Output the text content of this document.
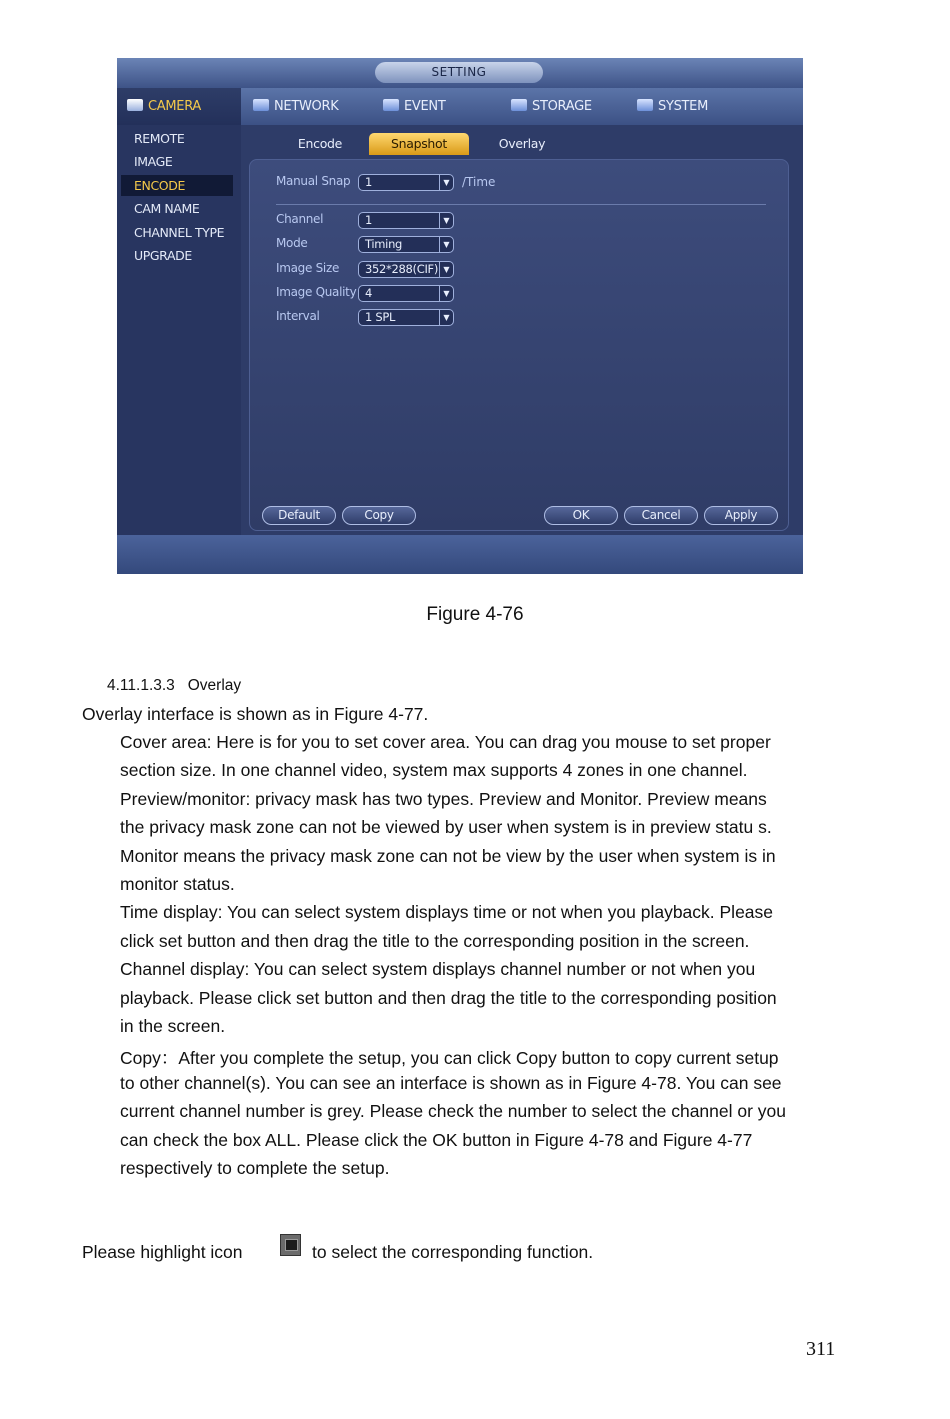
SETTING
CAMERA	NETWORK	EVENT	STORAGE	SYSTEM
REMOTE
IMAGE
ENCODE
CAM NAME
CHANNEL TYPE
UPGRADE
Encode	Snapshot	Overlay
Manual Snap 1	▼ /Time
Channel	1	▼
Mode	Timing	▼
Image Size 352*288(CIF) ▼
Image Quality 4	▼
Interval	1 SPL	▼
Default	Copy	OK	Cancel	Apply
Figure 4-76
4.11.1.3.3 Overlay
Overlay interface is shown as in Figure 4-77.
Cover area: Here is for you to set cover area. You can drag you mouse to set proper
section size. In one channel video, system max supports 4 zones in one channel.
Preview/monitor: privacy mask has two types. Preview and Monitor. Preview means
the privacy mask zone can not be viewed by user when system is in preview statu s.
Monitor means the privacy mask zone can not be view by the user when system is in
monitor status.
Time display: You can select system displays time or not when you playback. Please
click set button and then drag the title to the corresponding position in the screen.
Channel display: You can select system displays channel number or not when you
playback. Please click set button and then drag the title to the corresponding position
in the screen.
Copy：After you complete the setup, you can click Copy button to copy current setup
to other channel(s). You can see an interface is shown as in Figure 4-78. You can see
current channel number is grey. Please check the number to select the channel or you
can check the box ALL. Please click the OK button in Figure 4-78 and Figure 4-77
respectively to complete the setup.
Please highlight icon	to select the corresponding function.
311
